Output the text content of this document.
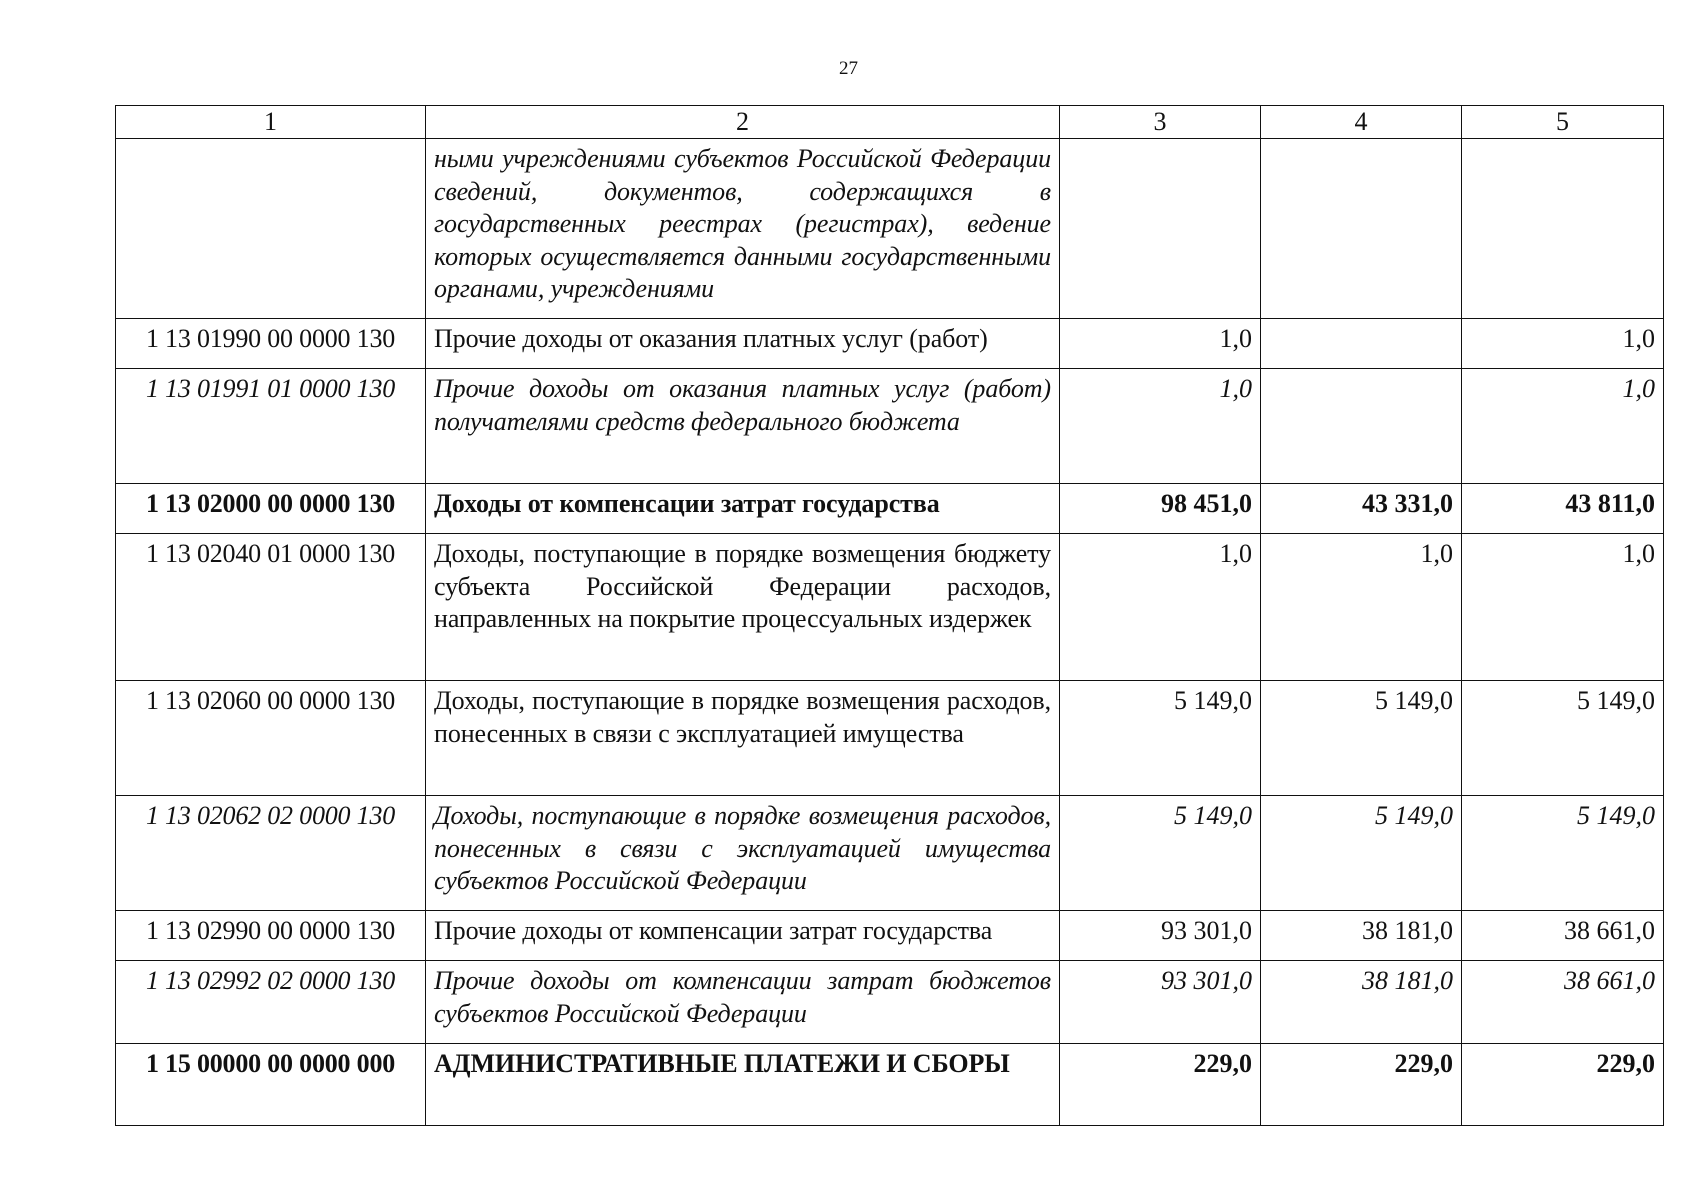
27
1	2	3	4	5
	ными учреждениями субъектов Российской Федерации сведений, документов, содержащихся в государственных реестрах (регистрах), ведение которых осуществляется данными государственными органами, учреждениями			
1 13 01990 00 0000 130	Прочие доходы от оказания платных услуг (работ)	1,0		1,0
1 13 01991 01 0000 130	Прочие доходы от оказания платных услуг (работ) получателями средств федерального бюджета	1,0		1,0
1 13 02000 00 0000 130	Доходы от компенсации затрат государства	98 451,0	43 331,0	43 811,0
1 13 02040 01 0000 130	Доходы, поступающие в порядке возмещения бюджету субъекта Российской Федерации расходов, направленных на покрытие процессуальных издержек	1,0	1,0	1,0
1 13 02060 00 0000 130	Доходы, поступающие в порядке возмещения расходов, понесенных в связи с эксплуатацией имущества	5 149,0	5 149,0	5 149,0
1 13 02062 02 0000 130	Доходы, поступающие в порядке возмещения расходов, понесенных в связи с эксплуатацией имущества субъектов Российской Федерации	5 149,0	5 149,0	5 149,0
1 13 02990 00 0000 130	Прочие доходы от компенсации затрат государства	93 301,0	38 181,0	38 661,0
1 13 02992 02 0000 130	Прочие доходы от компенсации затрат бюджетов субъектов Российской Федерации	93 301,0	38 181,0	38 661,0
1 15 00000 00 0000 000	АДМИНИСТРАТИВНЫЕ ПЛАТЕЖИ И СБОРЫ	229,0	229,0	229,0
